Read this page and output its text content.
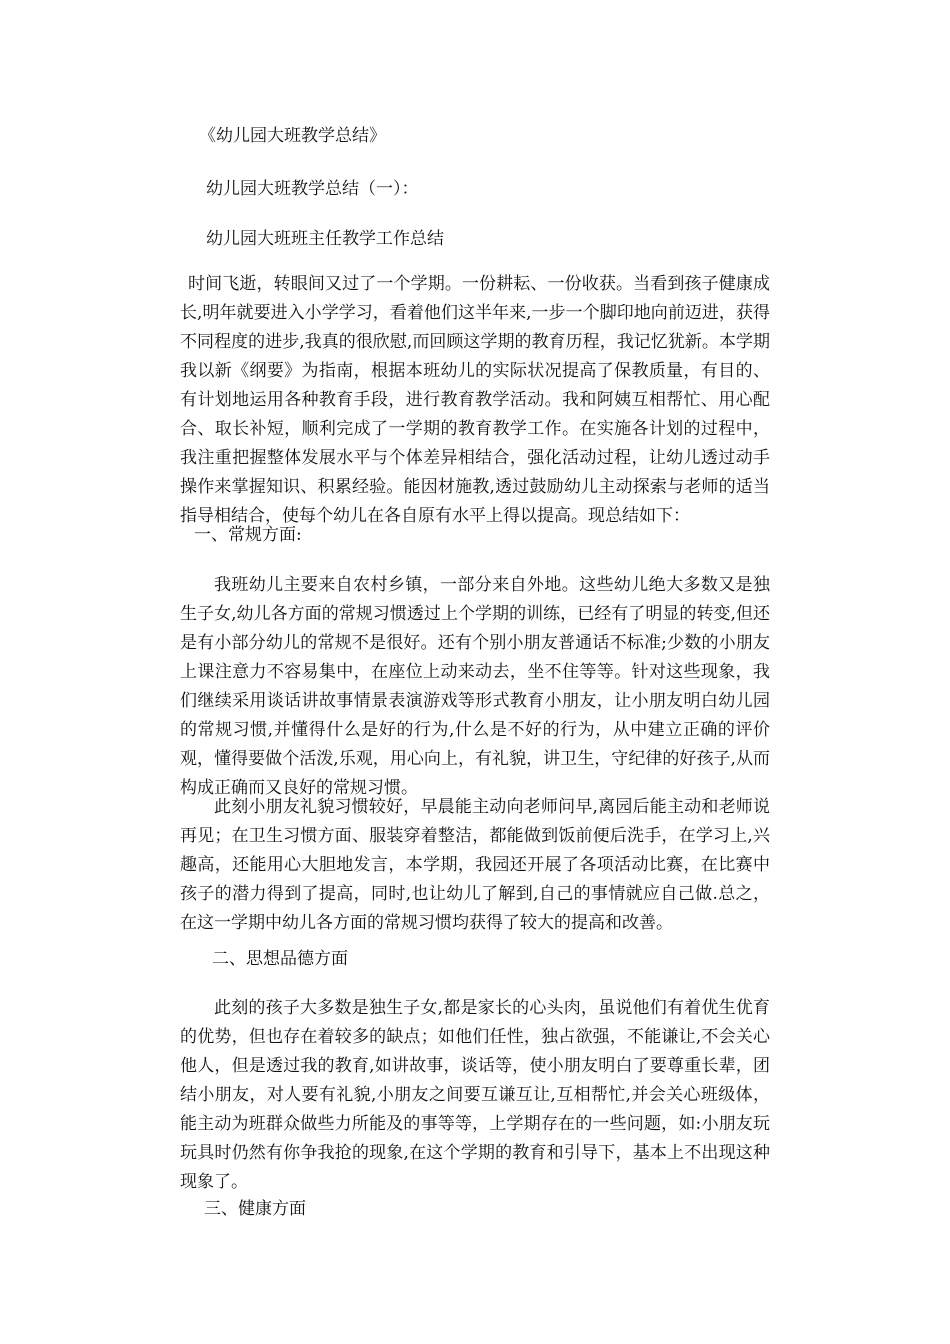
《幼儿园大班教学总结》

幼儿园大班教学总结（一）：

幼儿园大班班主任教学工作总结

时间飞逝，转眼间又过了一个学期。一份耕耘、一份收获。当看到孩子健康成长,明年就要进入小学学习，看着他们这半年来,一步一个脚印地向前迈进，获得不同程度的进步,我真的很欣慰,而回顾这学期的教育历程，我记忆犹新。本学期我以新《纲要》为指南，根据本班幼儿的实际状况提高了保教质量，有目的、有计划地运用各种教育手段，进行教育教学活动。我和阿姨互相帮忙、用心配合、取长补短，顺利完成了一学期的教育教学工作。在实施各计划的过程中，我注重把握整体发展水平与个体差异相结合，强化活动过程，让幼儿透过动手操作来掌握知识、积累经验。能因材施教,透过鼓励幼儿主动探索与老师的适当指导相结合，使每个幼儿在各自原有水平上得以提高。现总结如下：

一、常规方面:

我班幼儿主要来自农村乡镇，一部分来自外地。这些幼儿绝大多数又是独生子女,幼儿各方面的常规习惯透过上个学期的训练，已经有了明显的转变,但还是有小部分幼儿的常规不是很好。还有个别小朋友普通话不标准;少数的小朋友上课注意力不容易集中，在座位上动来动去，坐不住等等。针对这些现象，我们继续采用谈话讲故事情景表演游戏等形式教育小朋友，让小朋友明白幼儿园的常规习惯,并懂得什么是好的行为,什么是不好的行为，从中建立正确的评价观，懂得要做个活泼,乐观，用心向上，有礼貌，讲卫生，守纪律的好孩子,从而构成正确而又良好的常规习惯。

此刻小朋友礼貌习惯较好，早晨能主动向老师问早,离园后能主动和老师说再见；在卫生习惯方面、服装穿着整洁，都能做到饭前便后洗手，在学习上,兴趣高，还能用心大胆地发言，本学期，我园还开展了各项活动比赛，在比赛中孩子的潜力得到了提高，同时,也让幼儿了解到,自己的事情就应自己做.总之，在这一学期中幼儿各方面的常规习惯均获得了较大的提高和改善。

二、思想品德方面

此刻的孩子大多数是独生子女,都是家长的心头肉，虽说他们有着优生优育的优势，但也存在着较多的缺点；如他们任性，独占欲强，不能谦让,不会关心他人，但是透过我的教育,如讲故事，谈话等，使小朋友明白了要尊重长辈，团结小朋友，对人要有礼貌,小朋友之间要互谦互让,互相帮忙,并会关心班级体，能主动为班群众做些力所能及的事等等，上学期存在的一些问题，如:小朋友玩玩具时仍然有你争我抢的现象,在这个学期的教育和引导下，基本上不出现这种现象了。

三、健康方面
